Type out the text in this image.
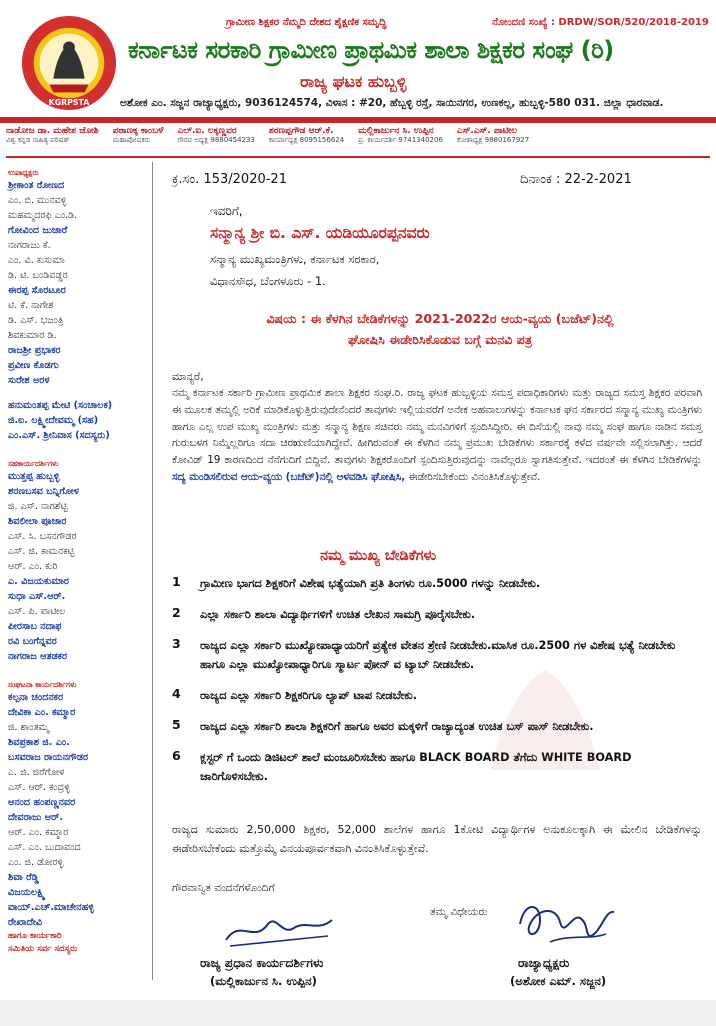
KGRPSTA
ಗ್ರಾಮೀಣ ಶಿಕ್ಷಕರ ನೆಮ್ಮದಿ ದೇಶದ ಶೈಕ್ಷಣಿಕ ಸಮೃದ್ಧಿ	ನೋಂದಣಿ ಸಂಖ್ಯೆ : DRDW/SOR/520/2018-2019
ಕರ್ನಾಟಕ ಸರಕಾರಿ ಗ್ರಾಮೀಣ ಪ್ರಾಥಮಿಕ ಶಾಲಾ ಶಿಕ್ಷಕರ ಸಂಘ (ರಿ)
ರಾಜ್ಯ ಘಟಕ ಹುಬ್ಬಳ್ಳಿ
ಅಶೋಕ ಎಂ. ಸಜ್ಜನ ರಾಜ್ಯಾಧ್ಯಕ್ಷರು, 9036124574, ವಿಳಾಸ : #20, ಹೆಬ್ಬಳ್ಳಿ ರಸ್ತೆ, ಸಾಯಿನಗರ, ಉಣಕಲ್ಲ, ಹುಬ್ಬಳ್ಳಿ-580 031. ಜಿಲ್ಲಾ ಧಾರವಾಡ.
ನಾಡೋಜ ಡಾ. ಮಹೇಶ ಜೋಶಿ
ವಿಶ್ವ ಕನ್ನಡ ಸಾಹಿತ್ಯ ಪರಿಷತ್
ಪಠಾಣಕ್ಕ ಕಾಂಬಳೆ
ಮಹಾಪೋಷಕರು
ಎಲ್.ಐ. ಲಕ್ಕಣ್ಣವರ
ಗೌರವ ಅಧ್ಯಕ್ಷ 9880454233
ಶರಣಪ್ಪಗೌಡ ಆರ್.ಕೆ.
ಕಾರ್ಯಾಧ್ಯಕ್ಷ 8095156624
ಮಲ್ಲಿಕಾರ್ಜುನ ಸಿ. ಉಪ್ಪಿನ
ಪ್ರ. ಕಾರ್ಯದರ್ಶಿ 9741340206
ಎಸ್.ಎಸ್. ಪಾಟೀಲ
ಕೋಶಾಧ್ಯಕ್ಷ 9880167927
ಉಪಾಧ್ಯಕ್ಷರು
ಶ್ರೀಕಾಂತ ರೋಣದ
ಎಂ. ಬಿ. ಮುನವಳ್ಳಿ
ಮಹಮ್ಮದರಫಿ ಎಂ.ಡಿ.
ಗೋವಿಂದ ಜುಜಾರೆ
ನಾಗರಾಜು ಕೆ.
ಎಂ. ವಿ. ಕುಸುಮಾ
ಡಿ. ಟಿ. ಬಂಡಿವಡ್ಡರ
ಈರಪ್ಪ ಸೊರಟೂರ
ಟಿ. ಕೆ. ನಾಗೇಶ
ಡಿ. ಎಸ್. ಭಜಂತ್ರಿ
ಶಿವಕುಮಾರ ಡಿ.
ರಾಜಶ್ರೀ ಪ್ರಭಾಕರ
ಪ್ರವೀಣ ಕೊಡಗು
ಸುರೇಶ ಅರಳ
ಹನುಮಂತಪ್ಪ ಮೇಟಿ (ಸಂಚಾಲಕ)
ಜಿ.ಐ. ಲಕ್ಷ್ಮೀದೇವಮ್ಮ (ಸಹ)
ಎಂ.ಎಸ್. ಶ್ರೀನಿವಾಸ (ಸದಸ್ಯರು)
ಸಹಕಾರ್ಯದರ್ಶಿಗಳು
ಮುತ್ತಪ್ಪ ಹುಬ್ಬಳ್ಳಿ
ಶರಣಬಸವ ಬನ್ನಿಗೋಳ
ಜಿ. ಎಸ್. ನಾಗಶೆಟ್ಟಿ
ಶಿವಲೀಲಾ ಪೂಜಾರ
ಎಸ್. ಸಿ. ಬಸನಗೌಡರ
ಎಸ್. ಜಿ. ಕಾಮನಕಟ್ಟಿ
ಆರ್. ಎಂ. ಕುರಿ
ಎ. ವಿಜಯಕುಮಾರ
ಸುಧಾ ಎಸ್.ಆರ್.
ಎಸ್. ಪಿ. ಪಾಟೀಲ
ಪೀರಸಾಬ ನದಾಫ
ರವಿ ಬಂಗೆನ್ನವರ
ನಾಗರಾಜ ಆತಡಕರ
ಸಂಘಟನಾ ಕಾರ್ಯದರ್ಶಿಗಳು
ಕಲ್ಪನಾ ಚಂದನಕರ
ದೇವಿಕಾ ಎಂ. ಕಮ್ಮಾರ
ಜಿ. ಶಾಂತಮ್ಮ
ಶಿವಪ್ರಕಾಶ ಜಿ. ಎಂ.
ಬಸವರಾಜ ರಾಯನಗೌಡರ
ಎ. ಜಿ. ಜಿರೆಗೋಳ
ಎಸ್. ಆರ್. ಕಂದ್ರಳ್ಳಿ
ಆನಂದ ಹಂಪಣ್ಣನವರ
ದೇವರಾಜು ಆರ್.
ಆರ್. ಎಂ. ಕಮ್ಮಾರ
ಎಸ್. ಎಂ. ಬುದಾವಂದ
ಎಂ. ಜಿ. ಡೋರಳ್ಳಿ
ಶಿವಾ ರೆಡ್ಡಿ
ವಿಜಯಲಕ್ಷ್ಮಿ
ವಾಯ್.ಎಚ್.ಮಾಚೇನಹಳ್ಳಿ
ರೇಖಾದೇವಿ
ಹಾಗೂ ಕಾರ್ಯಕಾರಿ
ಸಮಿತಿಯ ಸರ್ವ ಸದಸ್ಯರು
ಕ್ರ.ಸಂ. 153/2020-21	ದಿನಾಂಕ : 22-2-2021
ಇವರಿಗೆ,
ಸನ್ಮಾನ್ಯ ಶ್ರೀ ಬಿ. ಎಸ್. ಯಡಿಯೂರಪ್ಪನವರು
ಸನ್ಮಾನ್ಯ ಮುಖ್ಯಮಂತ್ರಿಗಳು, ಕರ್ನಾಟಕ ಸರಕಾರ,
ವಿಧಾನಸೌಧ, ಬೆಂಗಳೂರು - 1.
ವಿಷಯ : ಈ ಕೆಳಗಿನ ಬೇಡಿಕೆಗಳನ್ನು 2021-2022ರ ಆಯ-ವ್ಯಯ (ಬಜೆಟ್)ನಲ್ಲಿ
ಘೋಷಿಸಿ ಈಡೇರಿಸಿಕೊಡುವ ಬಗ್ಗೆ ಮನವಿ ಪತ್ರ
ಮಾನ್ಯರೆ,
ನಮ್ಮ ಕರ್ನಾಟಕ ಸರ್ಕಾರಿ ಗ್ರಾಮೀಣ ಪ್ರಾಥಮಿಕ ಶಾಲಾ ಶಿಕ್ಷಕರ ಸಂಘ.ರಿ. ರಾಜ್ಯ ಘಟಕ ಹುಬ್ಬಳ್ಳಿಯ ಸಮಸ್ತ ಪದಾಧಿಕಾರಿಗಳು ಮತ್ತು ರಾಜ್ಯದ ಸಮಸ್ತ ಶಿಕ್ಷಕರ ಪರವಾಗಿ ಈ ಮೂಲಕ ತಮ್ಮಲ್ಲಿ ಅರಿಕೆ ಮಾಡಿಕೊಳ್ಳುತ್ತಿರುವುದೇನೆಂದರೆ ತಾವುಗಳು ಇಲ್ಲಿಯವರೆಗೆ ಅನೇಕ ಅಹವಾಲುಗಳನ್ನು ಕರ್ನಾಟಕ ಘನ ಸರ್ಕಾರದ ಸನ್ಮಾನ್ಯ ಮುಖ್ಯ ಮಂತ್ರಿಗಳು ಹಾಗೂ ಎಲ್ಲ ಉಪ ಮುಖ್ಯ ಮಂತ್ರಿಗಳು ಮತ್ತು ಸನ್ಮಾನ್ಯ ಶಿಕ್ಷಣ ಸಚಿವರು ನಮ್ಮ ಮನವಿಗಳಿಗೆ ಸ್ಪಂದಿಸಿದ್ದೀರಿ. ಈ ದಿಸೆಯಲ್ಲಿ ನಾವು ನಮ್ಮ ಸಂಘ ಹಾಗೂ ನಾಡಿನ ಸಮಸ್ತ ಗುರುಬಳಗ ನಿಮ್ಮೆಲ್ಲರಿಗೂ ಸದಾ ಚಿರಋಣಿಯಾಗಿದ್ದೇವೆ. ಹೀಗಿರುವಂತೆ ಈ ಕೆಳಗಿನ ನಮ್ಮ ಪ್ರಮುಖ ಬೇಡಿಕೆಗಳು ಸರ್ಕಾರಕ್ಕೆ ಕಳೆದ ವರ್ಷವೇ ಸಲ್ಲಿಸಲಾಗಿತ್ತು. ಆದರೆ ಕೋವಿಡ್ 19 ಕಾರಣದಿಂದ ನೆನೆಗುದಿಗೆ ಬಿದ್ದಿವೆ. ತಾವುಗಳು ಶಿಕ್ಷಕರೊಂದಿಗೆ ಸ್ಪಂದಿಸುತ್ತಿರುವುದನ್ನು ನಾವೆಲ್ಲರೂ ಸ್ವಾಗತಿಸುತ್ತೇವೆ. ಇದರಂತೆ ಈ ಕೆಳಗಿನ ಬೇಡಿಕೆಗಳನ್ನು ಸದ್ಯ ಮಂಡಿಸಲಿರುವ ಆಯ-ವ್ಯಯ (ಬಜೆಟ್)ನಲ್ಲಿ ಅಳವಡಿಸಿ ಘೋಷಿಸಿ, ಈಡೇರಿಸಬೇಕೆಂದು ವಿನಂತಿಸಿಕೊಳ್ಳುತ್ತೇವೆ.
ನಮ್ಮ ಮುಖ್ಯ ಬೇಡಿಕೆಗಳು
1	ಗ್ರಾಮೀಣ ಭಾಗದ ಶಿಕ್ಷಕರಿಗೆ ವಿಶೇಷ ಭತ್ಯೆಯಾಗಿ ಪ್ರತಿ ತಿಂಗಳು ರೂ.5000 ಗಳನ್ನು ನೀಡಬೇಕು.
2	ಎಲ್ಲಾ ಸರ್ಕಾರಿ ಶಾಲಾ ವಿದ್ಯಾರ್ಥಿಗಳಿಗೆ ಉಚಿತ ಲೇಖನ ಸಾಮಗ್ರಿ ಪೂರೈಸಬೇಕು.
3	ರಾಜ್ಯದ ಎಲ್ಲಾ ಸರ್ಕಾರಿ ಮುಖ್ಯೋಪಾಧ್ಯಾಯರಿಗೆ ಪ್ರತ್ಯೇಕ ವೇತನ ಶ್ರೇಣಿ ನೀಡಬೇಕು.ಮಾಸಿಕ ರೂ.2500 ಗಳ ವಿಶೇಷ ಭತ್ಯೆ ನೀಡಬೇಕು ಹಾಗೂ ಎಲ್ಲಾ ಮುಖ್ಯೋಪಾಧ್ಯಾರಿಗೂ ಸ್ಮಾರ್ಟ ಪೋನ್ ವ ಟ್ಯಾಬ್ ನೀಡಬೇಕು.
4	ರಾಜ್ಯದ ಎಲ್ಲಾ ಸರ್ಕಾರಿ ಶಿಕ್ಷಕರಿಗೂ ಲ್ಯಾಪ್ ಟಾಪ ನೀಡಬೇಕು.
5	ರಾಜ್ಯದ ಎಲ್ಲಾ ಸರ್ಕಾರಿ ಶಾಲಾ ಶಿಕ್ಷಕರಿಗೆ ಹಾಗೂ ಅವರ ಮಕ್ಕಳಿಗೆ ರಾಜ್ಯಾದ್ಯಂತ ಉಚಿತ ಬಸ್ ಪಾಸ್ ನೀಡಬೇಕು.
6	ಕ್ಲಸ್ಟರ್ ಗೆ ಒಂದು ಡಿಜಿಟಲ್ ಶಾಲೆ ಮಂಜೂರಿಸಬೇಕು ಹಾಗೂ BLACK BOARD ತೆಗೆದು WHITE BOARD ಜಾರಿಗೊಳಿಸಬೇಕು.
ರಾಜ್ಯದ ಸುಮಾರು 2,50,000 ಶಿಕ್ಷಕರ, 52,000 ಶಾಲೆಗಳ ಹಾಗೂ 1ಕೋಟಿ ವಿದ್ಯಾರ್ಥಿಗಳ ಅನುಕೂಲಕ್ಕಾಗಿ ಈ ಮೇಲಿನ ಬೇಡಿಕೆಗಳನ್ನು ಈಡೇರಿಸಬೇಕೆಂದು ಮತ್ತೊಮ್ಮೆ ವಿನಯಪೂರ್ವಕವಾಗಿ ವಿನಂತಿಸಿಕೊಳ್ಳುತ್ತೇವೆ.
ಗೌರವಾನ್ವಿತ ವಂದನೆಗಳೊಂದಿಗೆ
ತಮ್ಮ ವಿಧೇಯರು
ರಾಜ್ಯ ಪ್ರಧಾನ ಕಾರ್ಯದರ್ಶಿಗಳು	ರಾಜ್ಯಾಧ್ಯಕ್ಷರು
(ಮಲ್ಲಿಕಾರ್ಜುನ ಸಿ. ಉಪ್ಪಿನ)	(ಅಶೋಕ ಎಮ್. ಸಜ್ಜನ)
